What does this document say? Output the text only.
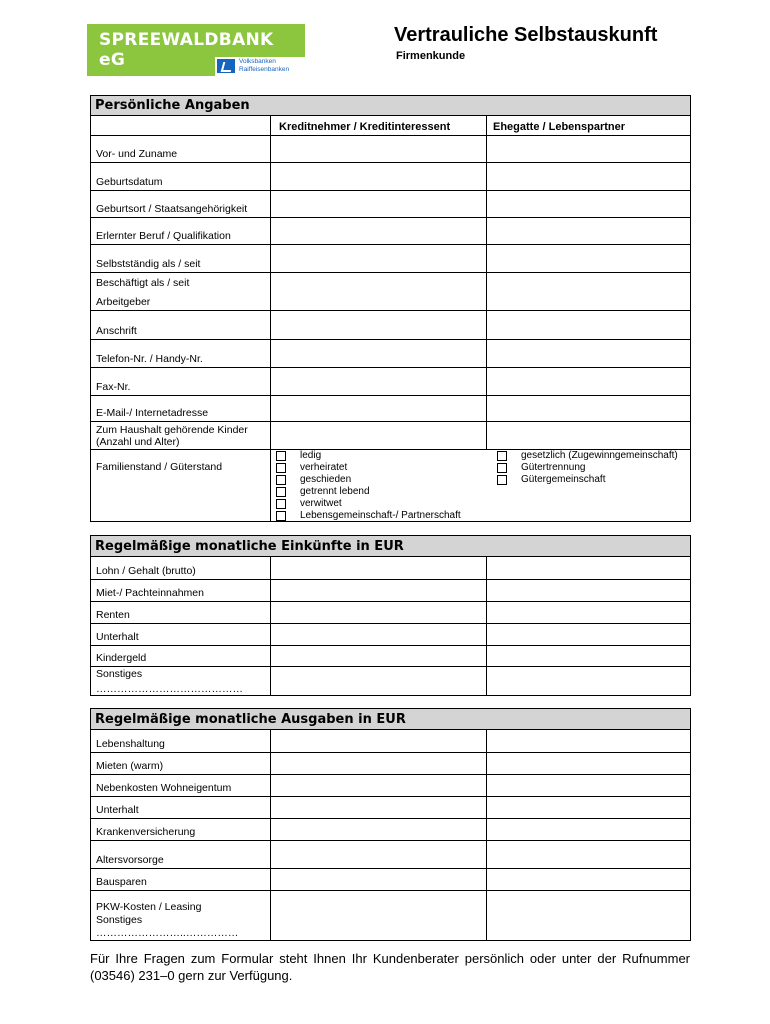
SPREEWALDBANK eG	Volksbanken Raiffeisenbanken
Vertrauliche Selbstauskunft
Firmenkunde
Persönliche Angaben
Kreditnehmer / Kreditinteressent	Ehegatte / Lebenspartner
Vor- und Zuname
Geburtsdatum
Geburtsort / Staatsangehörigkeit
Erlernter Beruf / Qualifikation
Selbstständig als / seit
Beschäftigt als / seit
Arbeitgeber
Anschrift
Telefon-Nr. / Handy-Nr.
Fax-Nr.
E-Mail-/ Internetadresse
Zum Haushalt gehörende Kinder (Anzahl und Alter)
Familienstand / Güterstand
ledig
verheiratet
geschieden
getrennt lebend
verwitwet
Lebensgemeinschaft-/ Partnerschaft
gesetzlich (Zugewinngemeinschaft)
Gütertrennung
Gütergemeinschaft
Regelmäßige monatliche Einkünfte in EUR
Lohn / Gehalt (brutto)
Miet-/ Pachteinnahmen
Renten
Unterhalt
Kindergeld
Sonstiges
……………………………………
Regelmäßige monatliche Ausgaben in EUR
Lebenshaltung
Mieten (warm)
Nebenkosten Wohneigentum
Unterhalt
Krankenversicherung
Altersvorsorge
Bausparen
PKW-Kosten / Leasing
Sonstiges
……………………..……………
Für Ihre Fragen zum Formular steht Ihnen Ihr Kundenberater persönlich oder unter der Rufnummer (03546) 231–0 gern zur Verfügung.
